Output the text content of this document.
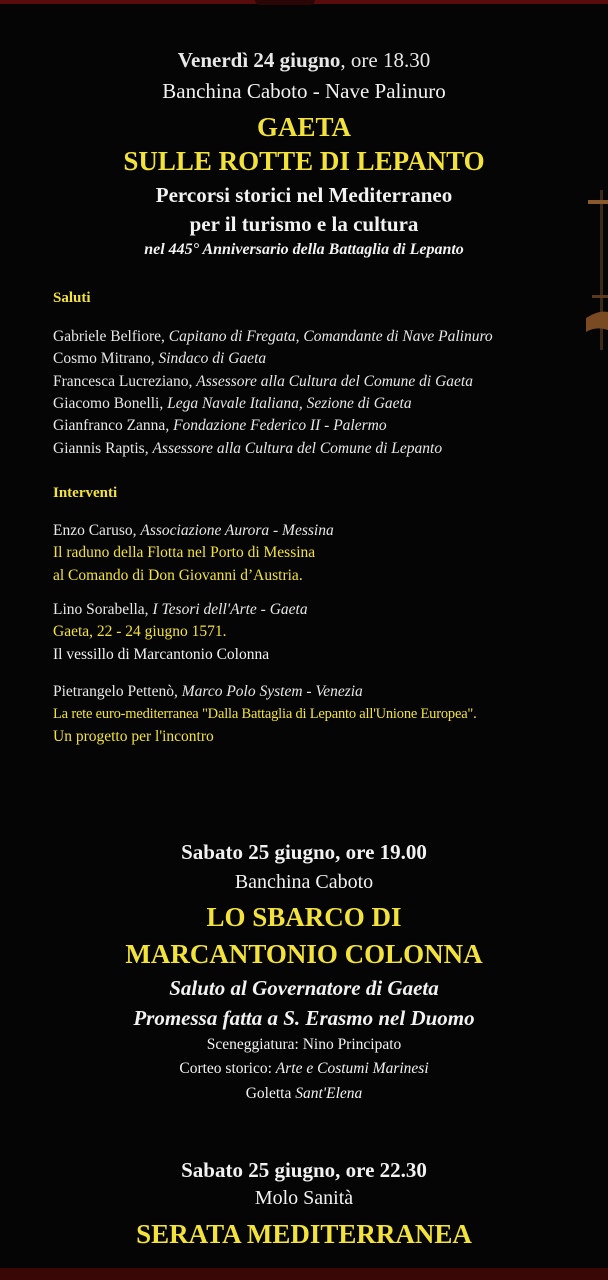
Venerdì 24 giugno, ore 18.30
Banchina Caboto - Nave Palinuro
GAETA
SULLE ROTTE DI LEPANTO
Percorsi storici nel Mediterraneo
per il turismo e la cultura
nel 445° Anniversario della Battaglia di Lepanto
Saluti
Gabriele Belfiore, Capitano di Fregata, Comandante di Nave Palinuro
Cosmo Mitrano, Sindaco di Gaeta
Francesca Lucreziano, Assessore alla Cultura del Comune di Gaeta
Giacomo Bonelli, Lega Navale Italiana, Sezione di Gaeta
Gianfranco Zanna, Fondazione Federico II - Palermo
Giannis Raptis, Assessore alla Cultura del Comune di Lepanto
Interventi
Enzo Caruso, Associazione Aurora - Messina
Il raduno della Flotta nel Porto di Messina
al Comando di Don Giovanni d’Austria.
Lino Sorabella, I Tesori dell'Arte - Gaeta
Gaeta, 22 - 24 giugno 1571.
Il vessillo di Marcantonio Colonna
Pietrangelo Pettenò, Marco Polo System - Venezia
La rete euro-mediterranea "Dalla Battaglia di Lepanto all'Unione Europea".
Un progetto per l'incontro
Sabato 25 giugno, ore 19.00
Banchina Caboto
LO SBARCO DI
MARCANTONIO COLONNA
Saluto al Governatore di Gaeta
Promessa fatta a S. Erasmo nel Duomo
Sceneggiatura: Nino Principato
Corteo storico: Arte e Costumi Marinesi
Goletta Sant'Elena
Sabato 25 giugno, ore 22.30
Molo Sanità
SERATA MEDITERRANEA
